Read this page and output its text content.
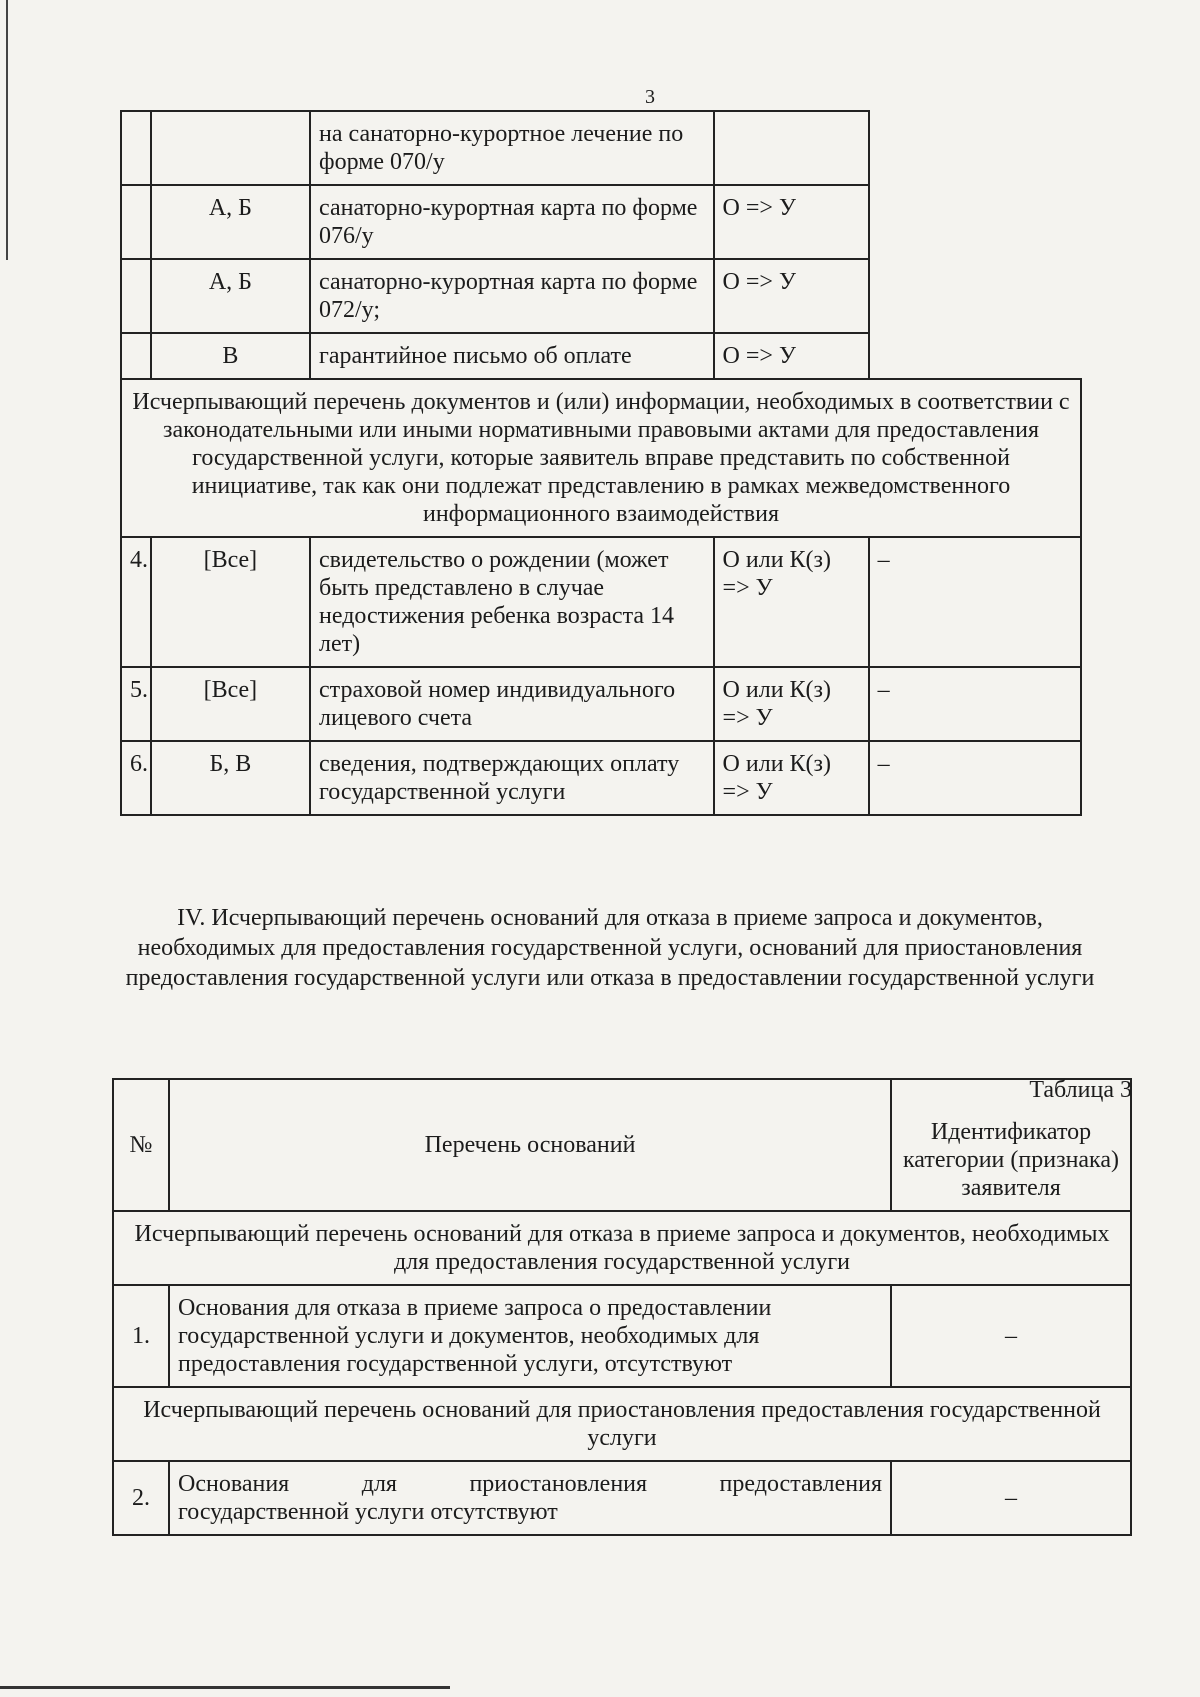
3
		на санаторно-курортное лечение по форме 070/у		
	А, Б	санаторно-курортная карта по форме 076/у	О => У	
	А, Б	санаторно-курортная карта по форме 072/у;	О => У	
	В	гарантийное письмо об оплате	О => У	
Исчерпывающий перечень документов и (или) информации, необходимых в соответствии с законодательными или иными нормативными правовыми актами для предоставления государственной услуги, которые заявитель вправе представить по собственной инициативе, так как они подлежат представлению в рамках межведомственного информационного взаимодействия				
4.	[Все]	свидетельство о рождении (может быть представлено в случае недостижения ребенка возраста 14 лет)	О или К(з) => У	–
5.	[Все]	страховой номер индивидуального лицевого счета	О или К(з) => У	–
6.	Б, В	сведения, подтверждающих оплату государственной услуги	О или К(з) => У	–
IV. Исчерпывающий перечень оснований для отказа в приеме запроса и документов, необходимых для предоставления государственной услуги, оснований для приостановления предоставления государственной услуги или отказа в предоставлении государственной услуги
№	Перечень оснований	Идентификатор категории (признака) заявителя
Исчерпывающий перечень оснований для отказа в приеме запроса и документов, необходимых для предоставления государственной услуги		
1.	Основания для отказа в приеме запроса о предоставлении государственной услуги и документов, необходимых для предоставления государственной услуги, отсутствуют	–
Исчерпывающий перечень оснований для приостановления предоставления государственной услуги		
2.	Основания для приостановления предоставления
государственной услуги отсутствуют	–
Таблица 3
